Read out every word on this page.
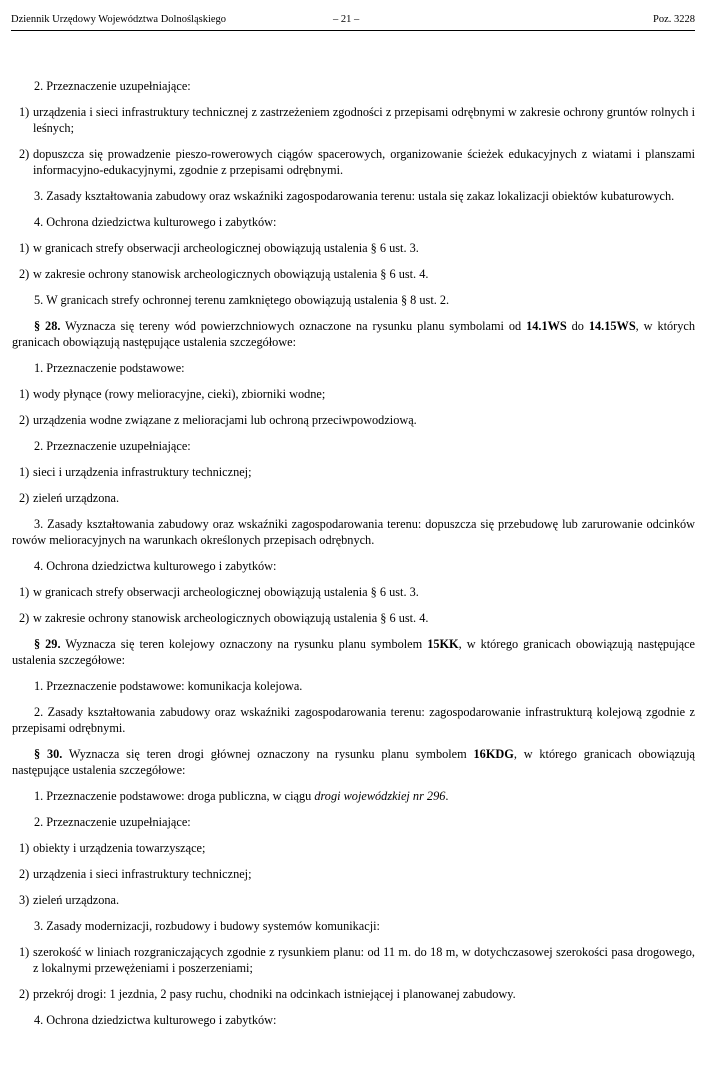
Dziennik Urzędowy Województwa Dolnośląskiego	– 21 –	Poz. 3228

2. Przeznaczenie uzupełniające:

1) urządzenia i sieci infrastruktury technicznej z zastrzeżeniem zgodności z przepisami odrębnymi w zakresie ochrony gruntów rolnych i leśnych;
2) dopuszcza się prowadzenie pieszo-rowerowych ciągów spacerowych, organizowanie ścieżek edukacyjnych z wiatami i planszami informacyjno-edukacyjnymi, zgodnie z przepisami odrębnymi.

3. Zasady kształtowania zabudowy oraz wskaźniki zagospodarowania terenu: ustala się zakaz lokalizacji obiektów kubaturowych.

4. Ochrona dziedzictwa kulturowego i zabytków:

1) w granicach strefy obserwacji archeologicznej obowiązują ustalenia § 6 ust. 3.
2) w zakresie ochrony stanowisk archeologicznych obowiązują ustalenia § 6 ust. 4.

5. W granicach strefy ochronnej terenu zamkniętego obowiązują ustalenia § 8 ust. 2.

§ 28. Wyznacza się tereny wód powierzchniowych oznaczone na rysunku planu symbolami od 14.1WS do 14.15WS, w których granicach obowiązują następujące ustalenia szczegółowe:

1. Przeznaczenie podstawowe:

1) wody płynące (rowy melioracyjne, cieki), zbiorniki wodne;
2) urządzenia wodne związane z melioracjami lub ochroną przeciwpowodziową.

2. Przeznaczenie uzupełniające:

1) sieci i urządzenia infrastruktury technicznej;
2) zieleń urządzona.

3. Zasady kształtowania zabudowy oraz wskaźniki zagospodarowania terenu: dopuszcza się przebudowę lub zarurowanie odcinków rowów melioracyjnych na warunkach określonych przepisach odrębnych.

4. Ochrona dziedzictwa kulturowego i zabytków:

1) w granicach strefy obserwacji archeologicznej obowiązują ustalenia § 6 ust. 3.
2) w zakresie ochrony stanowisk archeologicznych obowiązują ustalenia § 6 ust. 4.

§ 29. Wyznacza się teren kolejowy oznaczony na rysunku planu symbolem 15KK, w którego granicach obowiązują następujące ustalenia szczegółowe:

1. Przeznaczenie podstawowe: komunikacja kolejowa.

2. Zasady kształtowania zabudowy oraz wskaźniki zagospodarowania terenu: zagospodarowanie infrastrukturą kolejową zgodnie z przepisami odrębnymi.

§ 30. Wyznacza się teren drogi głównej oznaczony na rysunku planu symbolem 16KDG, w którego granicach obowiązują następujące ustalenia szczegółowe:

1. Przeznaczenie podstawowe: droga publiczna, w ciągu drogi wojewódzkiej nr 296.

2. Przeznaczenie uzupełniające:

1) obiekty i urządzenia towarzyszące;
2) urządzenia i sieci infrastruktury technicznej;
3) zieleń urządzona.

3. Zasady modernizacji, rozbudowy i budowy systemów komunikacji:

1) szerokość w liniach rozgraniczających zgodnie z rysunkiem planu: od 11 m. do 18 m, w dotychczasowej szerokości pasa drogowego, z lokalnymi przewężeniami i poszerzeniami;
2) przekrój drogi: 1 jezdnia, 2 pasy ruchu, chodniki na odcinkach istniejącej i planowanej zabudowy.

4. Ochrona dziedzictwa kulturowego i zabytków:
